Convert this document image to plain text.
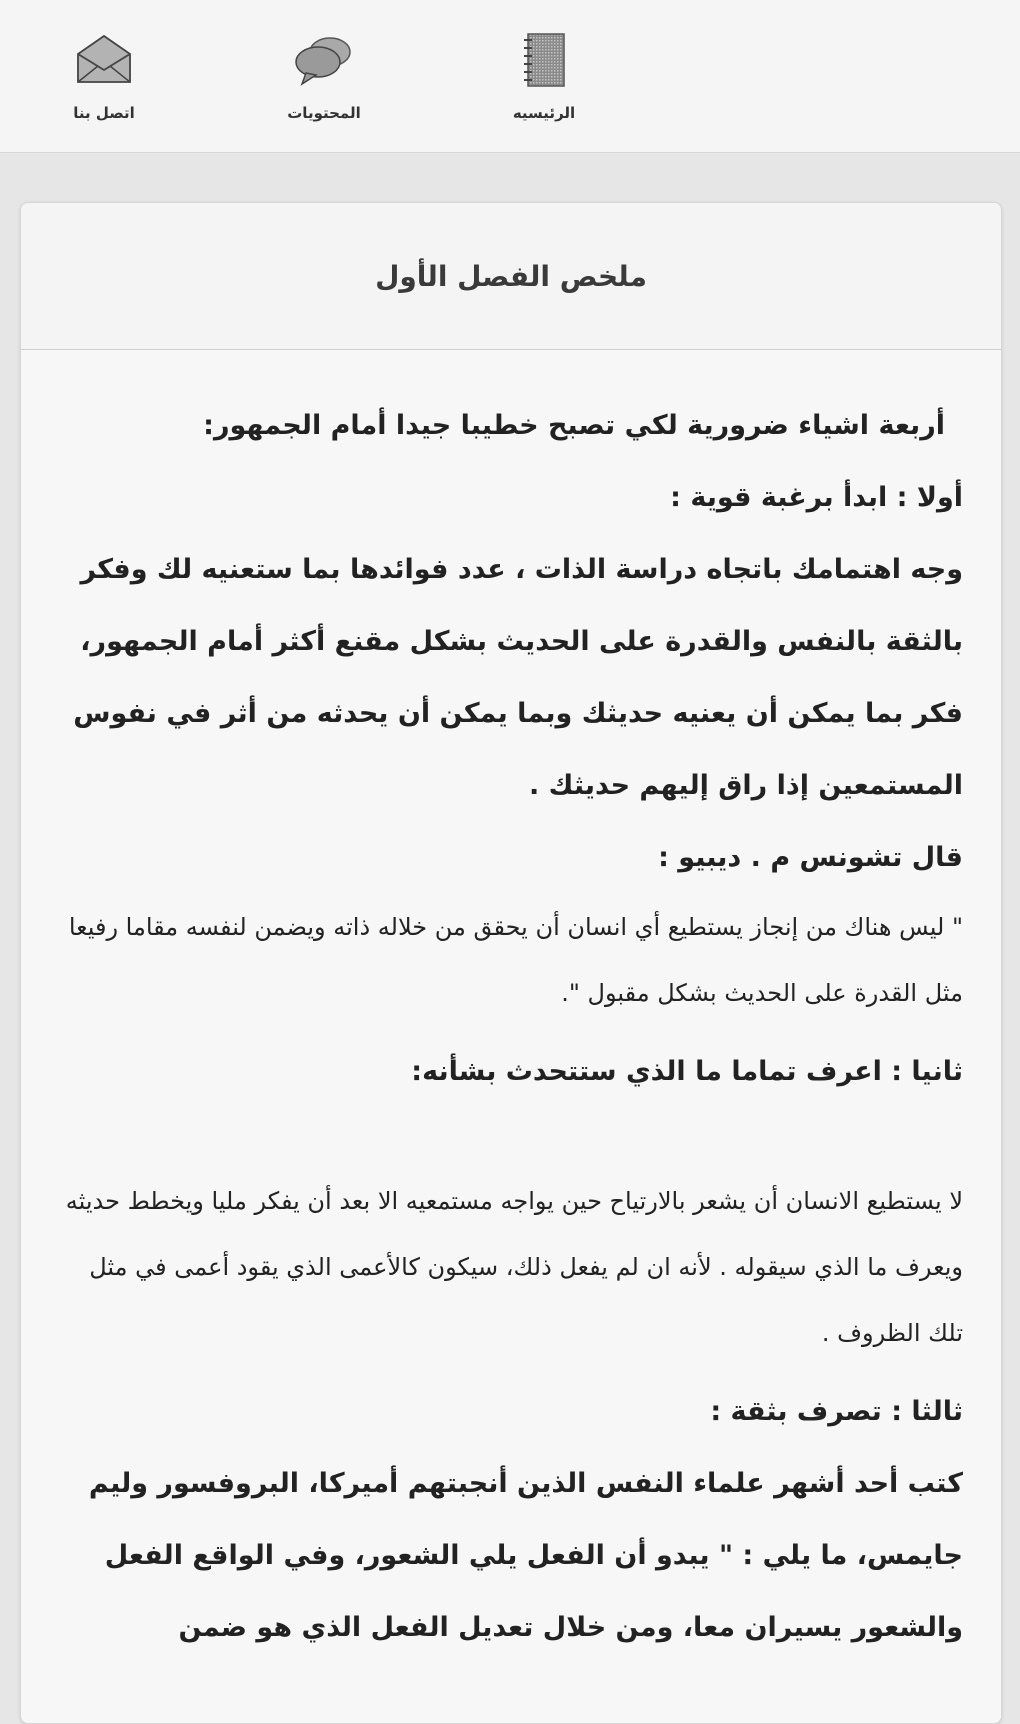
الرئيسيه
المحتويات
اتصل بنا
ملخص الفصل الأول

أربعة اشياء ضرورية لكي تصبح خطيبا جيدا أمام الجمهور:

أولا : ابدأ برغبة قوية :

وجه اهتمامك باتجاه دراسة الذات ، عدد فوائدها بما ستعنيه لك وفكر بالثقة بالنفس والقدرة على الحديث بشكل مقنع أكثر أمام الجمهور، فكر بما يمكن أن يعنيه حديثك وبما يمكن أن يحدثه من أثر في نفوس المستمعين إذا راق إليهم حديثك .

قال تشونس م . ديبيو :

" ليس هناك من إنجاز يستطيع أي انسان أن يحقق من خلاله ذاته ويضمن لنفسه مقاما رفيعا مثل القدرة على الحديث بشكل مقبول ".

ثانيا : اعرف تماما ما الذي ستتحدث بشأنه:

لا يستطيع الانسان أن يشعر بالارتياح حين يواجه مستمعيه الا بعد أن يفكر مليا ويخطط حديثه ويعرف ما الذي سيقوله . لأنه ان لم يفعل ذلك، سيكون كالأعمى الذي يقود أعمى في مثل تلك الظروف .

ثالثا : تصرف بثقة :

كتب أحد أشهر علماء النفس الذين أنجبتهم أميركا، البروفسور وليم جايمس، ما يلي : " يبدو أن الفعل يلي الشعور، وفي الواقع الفعل والشعور يسيران معا، ومن خلال تعديل الفعل الذي هو ضمن
